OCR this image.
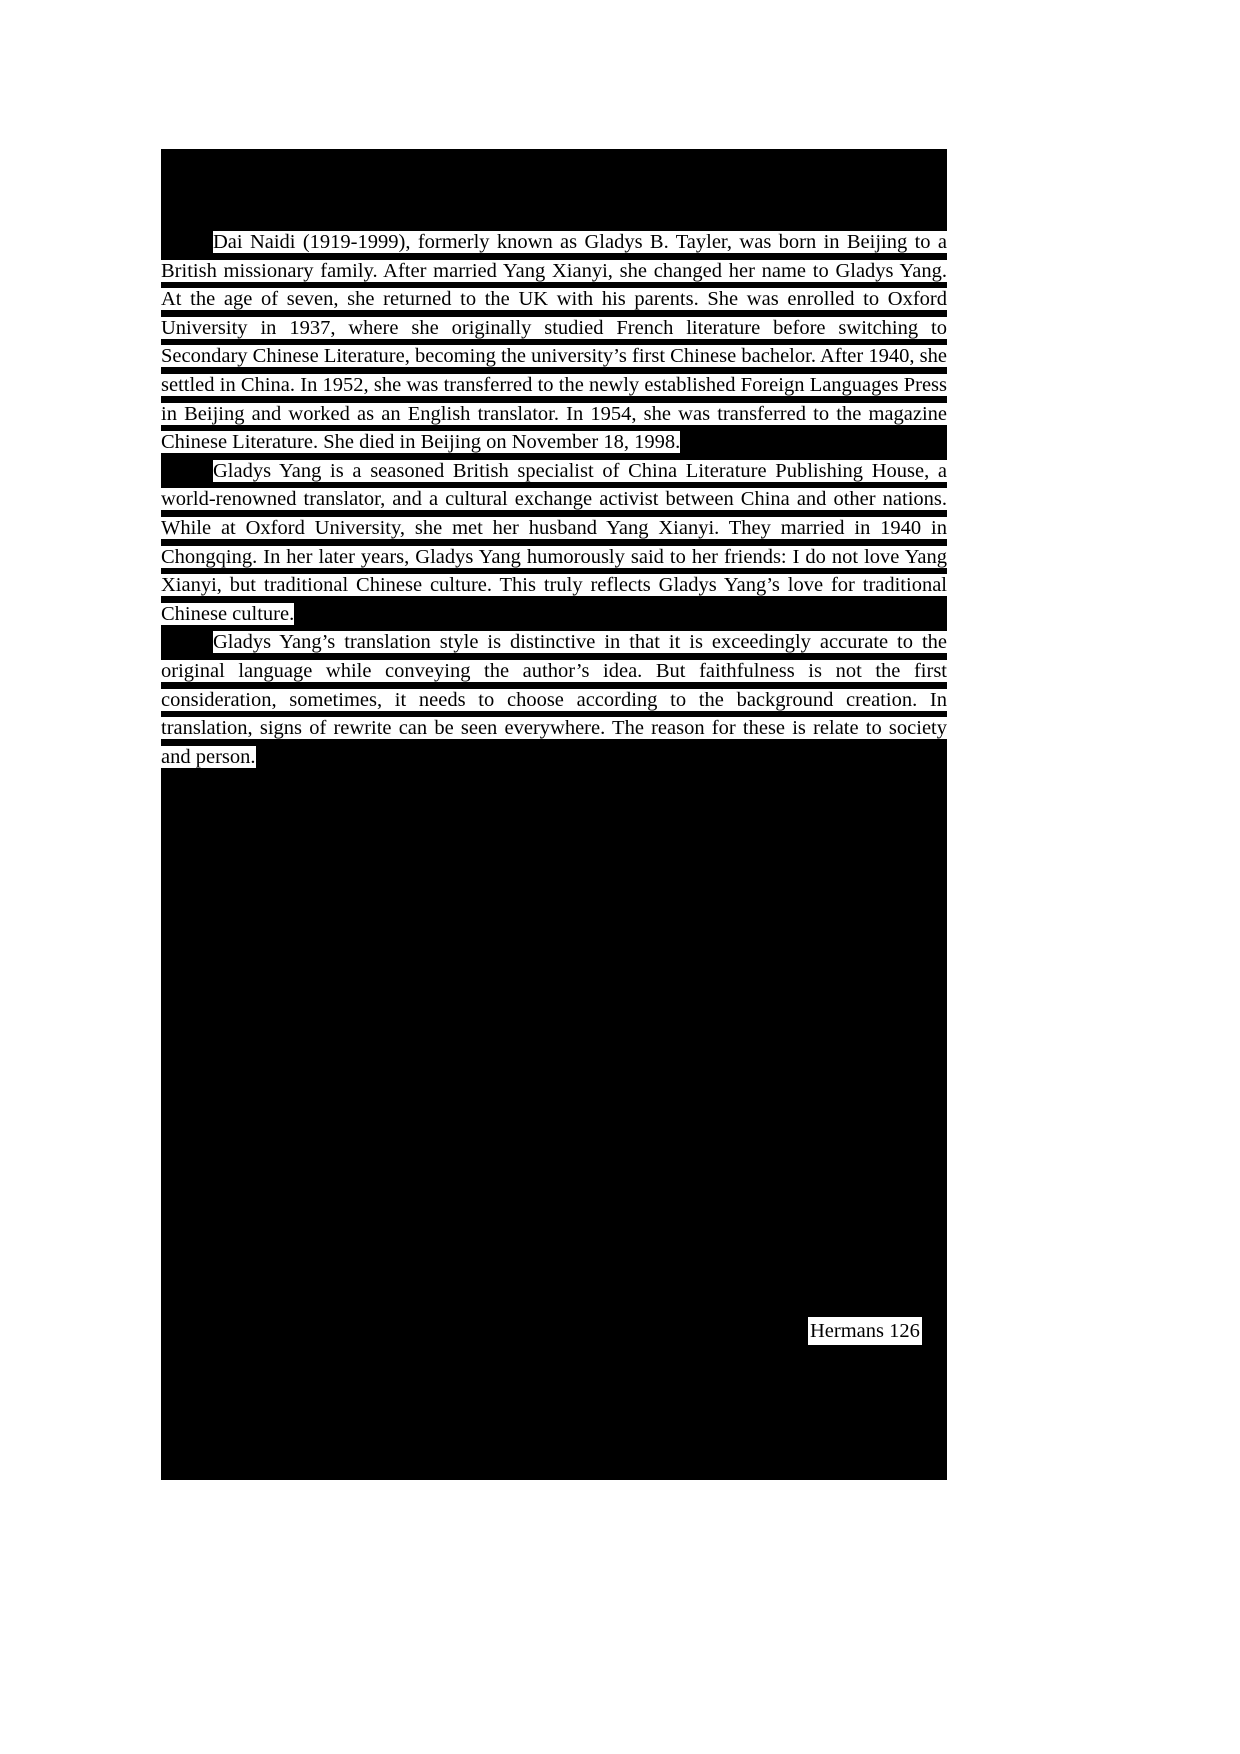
Dai Naidi (1919-1999), formerly known as Gladys B. Tayler, was born in Beijing to a British missionary family. After married Yang Xianyi, she changed her name to Gladys Yang. At the age of seven, she returned to the UK with his parents. She was enrolled to Oxford University in 1937, where she originally studied French literature before switching to Secondary Chinese Literature, becoming the university’s first Chinese bachelor. After 1940, she settled in China. In 1952, she was transferred to the newly established Foreign Languages Press in Beijing and worked as an English translator. In 1954, she was transferred to the magazine Chinese Literature. She died in Beijing on November 18, 1998.

Gladys Yang is a seasoned British specialist of China Literature Publishing House, a world-renowned translator, and a cultural exchange activist between China and other nations. While at Oxford University, she met her husband Yang Xianyi. They married in 1940 in Chongqing. In her later years, Gladys Yang humorously said to her friends: I do not love Yang Xianyi, but traditional Chinese culture. This truly reflects Gladys Yang’s love for traditional Chinese culture.

Gladys Yang’s translation style is distinctive in that it is exceedingly accurate to the original language while conveying the author’s idea. But faithfulness is not the first consideration, sometimes, it needs to choose according to the background creation. In translation, signs of rewrite can be seen everywhere. The reason for these is relate to society and person.

Hermans 126
